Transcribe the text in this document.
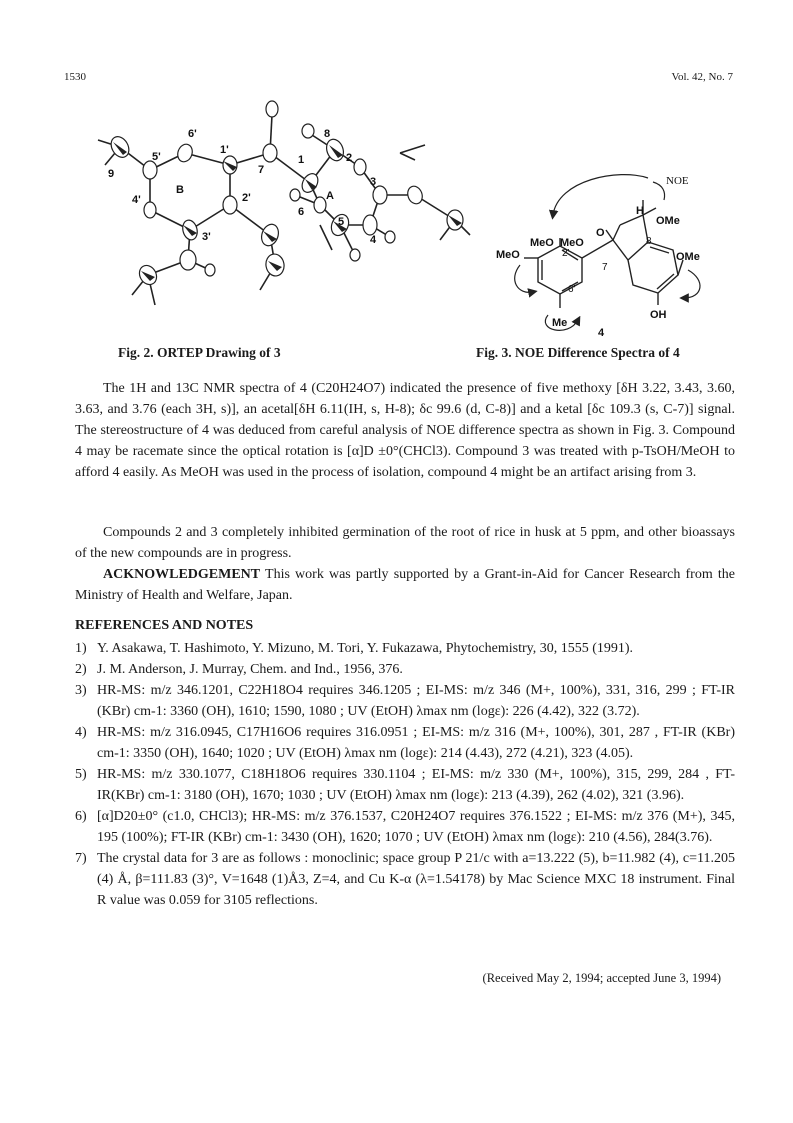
1530	Vol. 42, No. 7
6'
1'
5'
7
8
1	2
9
B	A
3
2'
6
4'
5
3'	4
NOE
H
OMe
8
MeO MeO
O
2'
MeO
7
OMe
6'
Me
OH
4
Fig. 2. ORTEP Drawing of 3	Fig. 3. NOE Difference Spectra of 4

The 1H and 13C NMR spectra of 4 (C20H24O7) indicated the presence of five methoxy [δH 3.22, 3.43, 3.60, 3.63, and 3.76 (each 3H, s)], an acetal[δH 6.11(IH, s, H-8); δc 99.6 (d, C-8)] and a ketal [δc 109.3 (s, C-7)] signal. The stereostructure of 4 was deduced from careful analysis of NOE difference spectra as shown in Fig. 3. Compound 4 may be racemate since the optical rotation is [α]D ±0°(CHCl3). Compound 3 was treated with p-TsOH/MeOH to afford 4 easily. As MeOH was used in the process of isolation, compound 4 might be an artifact arising from 3.

Compounds 2 and 3 completely inhibited germination of the root of rice in husk at 5 ppm, and other bioassays of the new compounds are in progress.

ACKNOWLEDGEMENT This work was partly supported by a Grant-in-Aid for Cancer Research from the Ministry of Health and Welfare, Japan.

REFERENCES AND NOTES
1) Y. Asakawa, T. Hashimoto, Y. Mizuno, M. Tori, Y. Fukazawa, Phytochemistry, 30, 1555 (1991).
2) J. M. Anderson, J. Murray, Chem. and Ind., 1956, 376.
3) HR-MS: m/z 346.1201, C22H18O4 requires 346.1205 ; EI-MS: m/z 346 (M+, 100%), 331, 316, 299 ; FT-IR (KBr) cm-1: 3360 (OH), 1610; 1590, 1080 ; UV (EtOH) λmax nm (logε): 226 (4.42), 322 (3.72).
4) HR-MS: m/z 316.0945, C17H16O6 requires 316.0951 ; EI-MS: m/z 316 (M+, 100%), 301, 287 , FT-IR (KBr) cm-1: 3350 (OH), 1640; 1020 ; UV (EtOH) λmax nm (logε): 214 (4.43), 272 (4.21), 323 (4.05).
5) HR-MS: m/z 330.1077, C18H18O6 requires 330.1104 ; EI-MS: m/z 330 (M+, 100%), 315, 299, 284 , FT-IR(KBr) cm-1: 3180 (OH), 1670; 1030 ; UV (EtOH) λmax nm (logε): 213 (4.39), 262 (4.02), 321 (3.96).
6) [α]D20±0° (c1.0, CHCl3); HR-MS: m/z 376.1537, C20H24O7 requires 376.1522 ; EI-MS: m/z 376 (M+), 345, 195 (100%); FT-IR (KBr) cm-1: 3430 (OH), 1620; 1070 ; UV (EtOH) λmax nm (logε): 210 (4.56), 284(3.76).
7) The crystal data for 3 are as follows : monoclinic; space group P 21/c with a=13.222 (5), b=11.982 (4), c=11.205 (4) Å, β=111.83 (3)°, V=1648 (1)Å3, Z=4, and Cu K-α (λ=1.54178) by Mac Science MXC 18 instrument. Final R value was 0.059 for 3105 reflections.
(Received May 2, 1994; accepted June 3, 1994)
